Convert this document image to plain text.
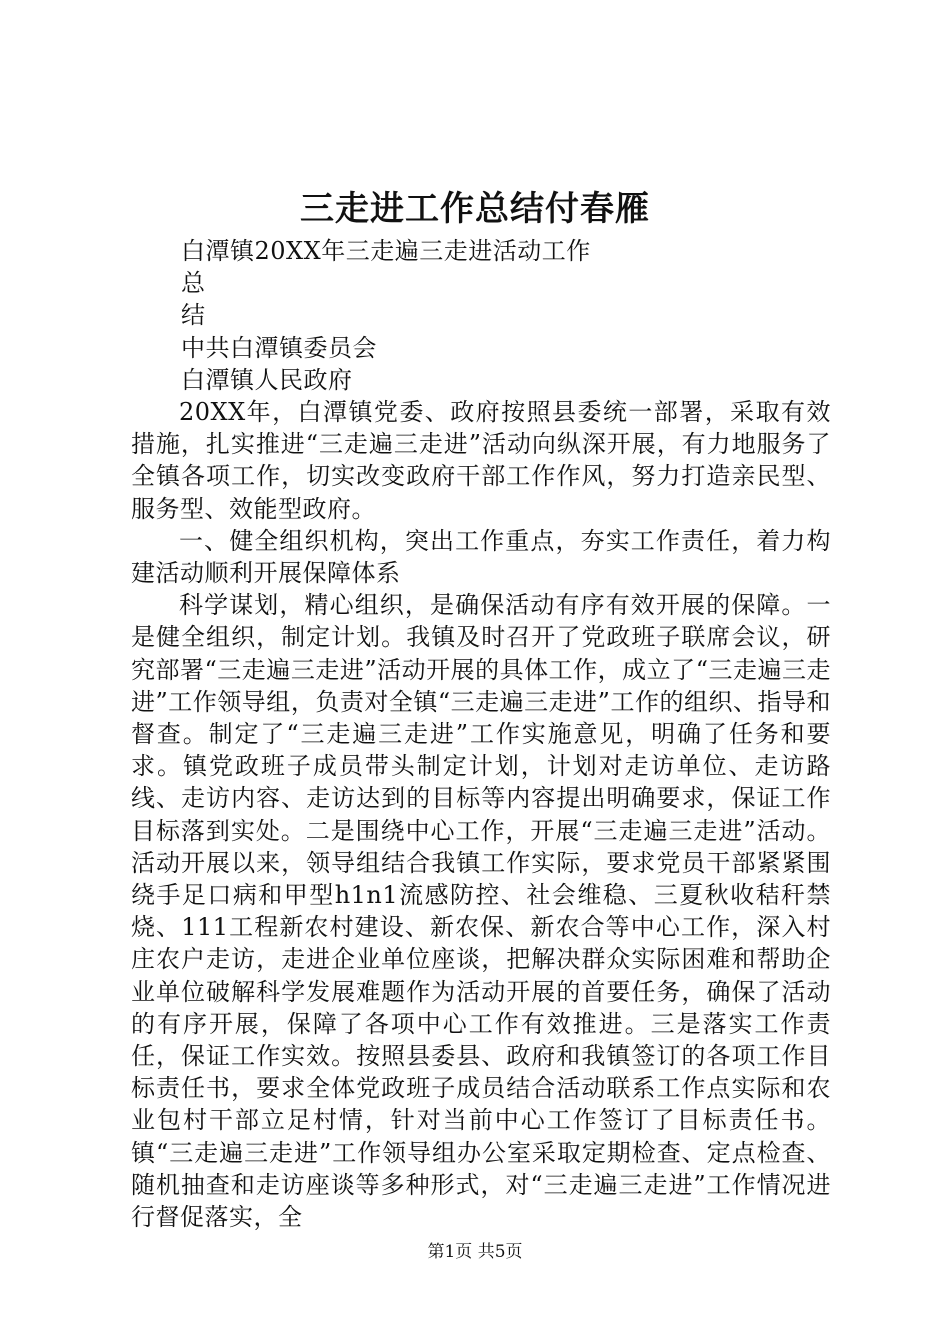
三走进工作总结付春雁

白潭镇20XX年三走遍三走进活动工作

总

结

中共白潭镇委员会

白潭镇人民政府

20XX年，白潭镇党委、政府按照县委统一部署，采取有效措施，扎实推进“三走遍三走进”活动向纵深开展，有力地服务了全镇各项工作，切实改变政府干部工作作风，努力打造亲民型、服务型、效能型政府。

一、健全组织机构，突出工作重点，夯实工作责任，着力构建活动顺利开展保障体系

科学谋划，精心组织，是确保活动有序有效开展的保障。一是健全组织，制定计划。我镇及时召开了党政班子联席会议，研究部署“三走遍三走进”活动开展的具体工作，成立了“三走遍三走进”工作领导组，负责对全镇“三走遍三走进”工作的组织、指导和督查。制定了“三走遍三走进”工作实施意见，明确了任务和要求。镇党政班子成员带头制定计划，计划对走访单位、走访路线、走访内容、走访达到的目标等内容提出明确要求，保证工作目标落到实处。二是围绕中心工作，开展“三走遍三走进”活动。活动开展以来，领导组结合我镇工作实际，要求党员干部紧紧围绕手足口病和甲型h1n1流感防控、社会维稳、三夏秋收秸秆禁烧、111工程新农村建设、新农保、新农合等中心工作，深入村庄农户走访，走进企业单位座谈，把解决群众实际困难和帮助企业单位破解科学发展难题作为活动开展的首要任务，确保了活动的有序开展，保障了各项中心工作有效推进。三是落实工作责任，保证工作实效。按照县委县、政府和我镇签订的各项工作目标责任书，要求全体党政班子成员结合活动联系工作点实际和农业包村干部立足村情，针对当前中心工作签订了目标责任书。镇“三走遍三走进”工作领导组办公室采取定期检查、定点检查、随机抽查和走访座谈等多种形式，对“三走遍三走进”工作情况进行督促落实，全

第1页 共5页
